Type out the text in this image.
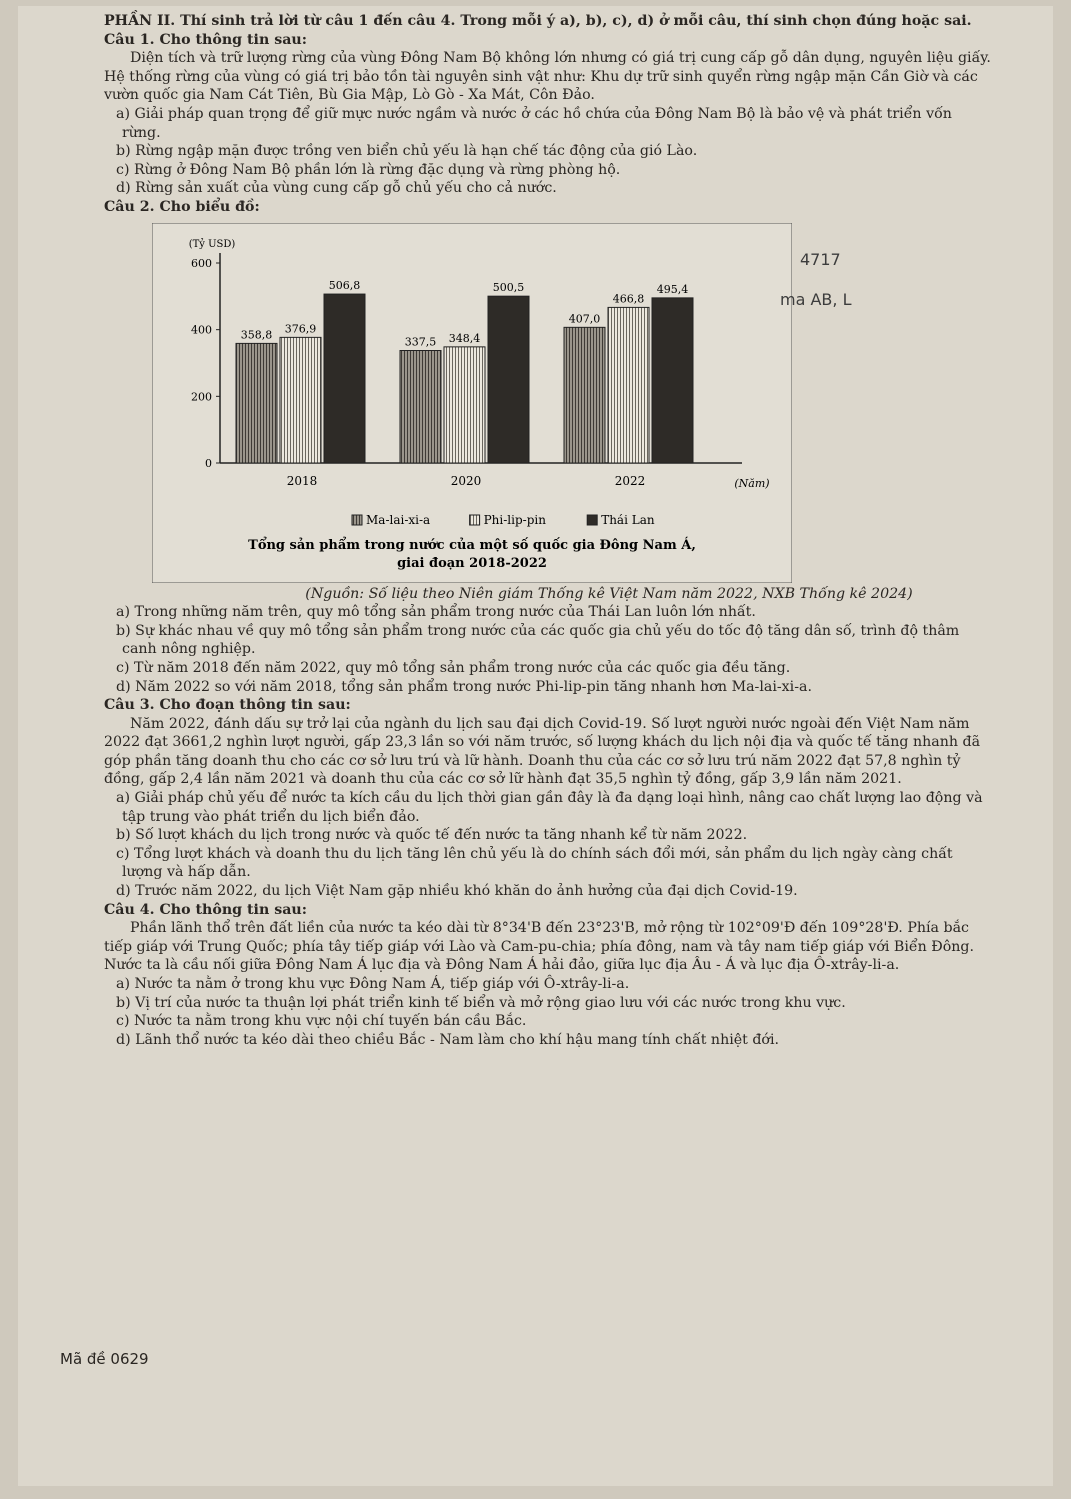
PHẦN II. Thí sinh trả lời từ câu 1 đến câu 4. Trong mỗi ý a), b), c), d) ở mỗi câu, thí sinh chọn đúng hoặc sai.

Câu 1. Cho thông tin sau:

Diện tích và trữ lượng rừng của vùng Đông Nam Bộ không lớn nhưng có giá trị cung cấp gỗ dân dụng, nguyên liệu giấy. Hệ thống rừng của vùng có giá trị bảo tồn tài nguyên sinh vật như: Khu dự trữ sinh quyển rừng ngập mặn Cần Giờ và các vườn quốc gia Nam Cát Tiên, Bù Gia Mập, Lò Gò - Xa Mát, Côn Đảo.

a) Giải pháp quan trọng để giữ mực nước ngầm và nước ở các hồ chứa của Đông Nam Bộ là bảo vệ và phát triển vốn rừng.

b) Rừng ngập mặn được trồng ven biển chủ yếu là hạn chế tác động của gió Lào.

c) Rừng ở Đông Nam Bộ phần lớn là rừng đặc dụng và rừng phòng hộ.

d) Rừng sản xuất của vùng cung cấp gỗ chủ yếu cho cả nước.

Câu 2. Cho biểu đồ:

0
200
400
600
(Tỷ USD)
(Năm)
358,8 376,9
506,8
2018
337,5 348,4
500,5
2020
407,0
466,8
495,4
2022
Ma-lai-xi-a	Phi-lip-pin	Thái Lan
Tổng sản phẩm trong nước của một số quốc gia Đông Nam Á,
giai đoạn 2018-2022

(Nguồn: Số liệu theo Niên giám Thống kê Việt Nam năm 2022, NXB Thống kê 2024)

a) Trong những năm trên, quy mô tổng sản phẩm trong nước của Thái Lan luôn lớn nhất.

b) Sự khác nhau về quy mô tổng sản phẩm trong nước của các quốc gia chủ yếu do tốc độ tăng dân số, trình độ thâm canh nông nghiệp.

c) Từ năm 2018 đến năm 2022, quy mô tổng sản phẩm trong nước của các quốc gia đều tăng.

d) Năm 2022 so với năm 2018, tổng sản phẩm trong nước Phi-lip-pin tăng nhanh hơn Ma-lai-xi-a.

Câu 3. Cho đoạn thông tin sau:

Năm 2022, đánh dấu sự trở lại của ngành du lịch sau đại dịch Covid-19. Số lượt người nước ngoài đến Việt Nam năm 2022 đạt 3661,2 nghìn lượt người, gấp 23,3 lần so với năm trước, số lượng khách du lịch nội địa và quốc tế tăng nhanh đã góp phần tăng doanh thu cho các cơ sở lưu trú và lữ hành. Doanh thu của các cơ sở lưu trú năm 2022 đạt 57,8 nghìn tỷ đồng, gấp 2,4 lần năm 2021 và doanh thu của các cơ sở lữ hành đạt 35,5 nghìn tỷ đồng, gấp 3,9 lần năm 2021.

a) Giải pháp chủ yếu để nước ta kích cầu du lịch thời gian gần đây là đa dạng loại hình, nâng cao chất lượng lao động và tập trung vào phát triển du lịch biển đảo.

b) Số lượt khách du lịch trong nước và quốc tế đến nước ta tăng nhanh kể từ năm 2022.

c) Tổng lượt khách và doanh thu du lịch tăng lên chủ yếu là do chính sách đổi mới, sản phẩm du lịch ngày càng chất lượng và hấp dẫn.

d) Trước năm 2022, du lịch Việt Nam gặp nhiều khó khăn do ảnh hưởng của đại dịch Covid-19.

Câu 4. Cho thông tin sau:

Phần lãnh thổ trên đất liền của nước ta kéo dài từ 8°34'B đến 23°23'B, mở rộng từ 102°09'Đ đến 109°28'Đ. Phía bắc tiếp giáp với Trung Quốc; phía tây tiếp giáp với Lào và Cam-pu-chia; phía đông, nam và tây nam tiếp giáp với Biển Đông. Nước ta là cầu nối giữa Đông Nam Á lục địa và Đông Nam Á hải đảo, giữa lục địa Âu - Á và lục địa Ô-xtrây-li-a.

a) Nước ta nằm ở trong khu vực Đông Nam Á, tiếp giáp với Ô-xtrây-li-a.

b) Vị trí của nước ta thuận lợi phát triển kinh tế biển và mở rộng giao lưu với các nước trong khu vực.

c) Nước ta nằm trong khu vực nội chí tuyến bán cầu Bắc.

d) Lãnh thổ nước ta kéo dài theo chiều Bắc - Nam làm cho khí hậu mang tính chất nhiệt đới.

Mã đề 0629
4717
ma AB, L
